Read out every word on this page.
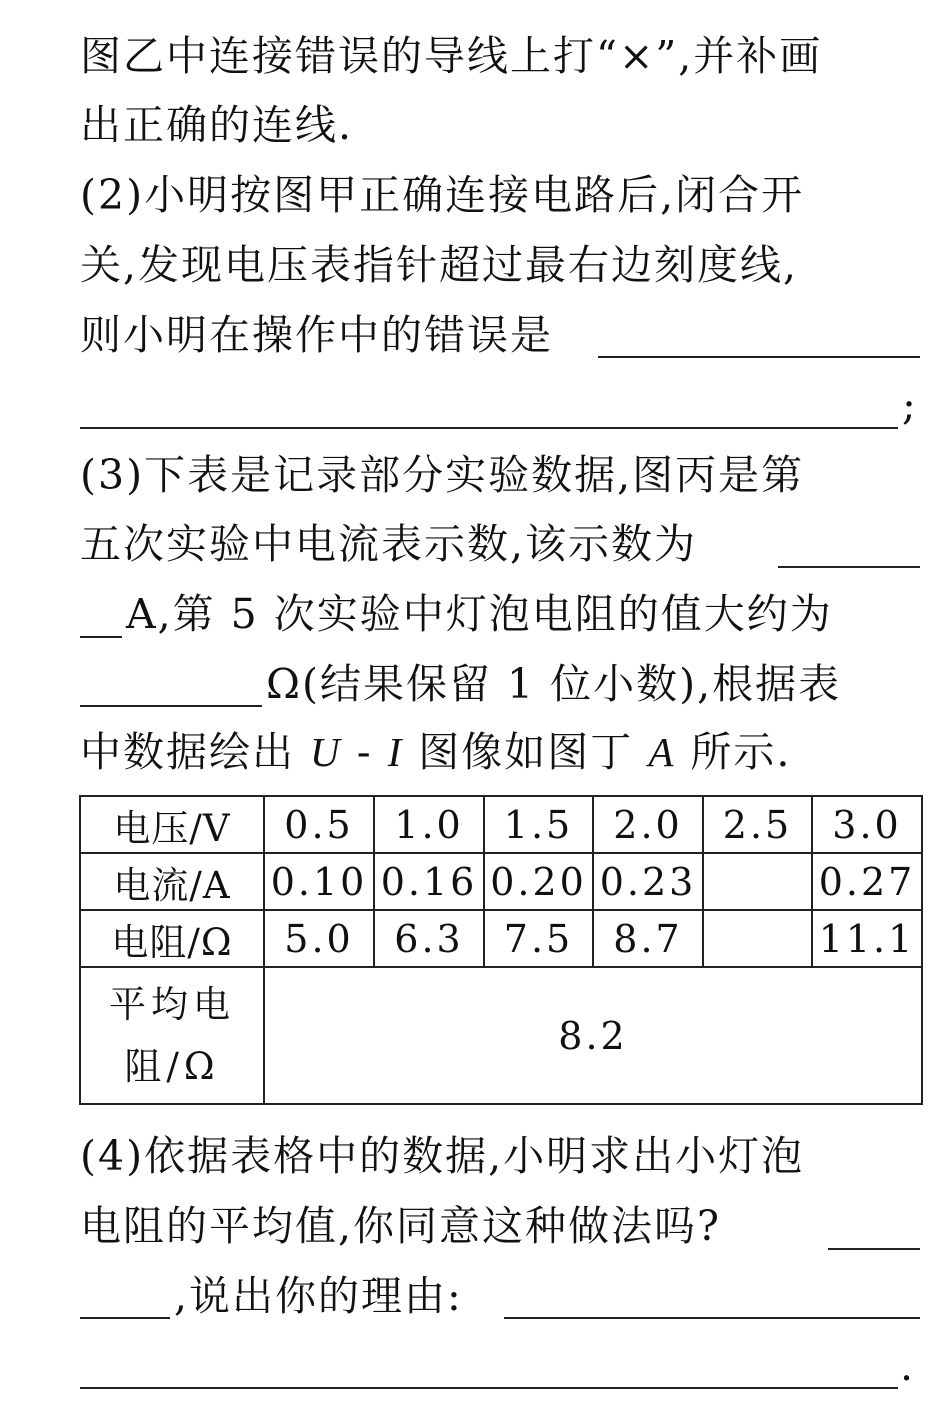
图乙中连接错误的导线上打“×”,并补画
出正确的连线.
(2)小明按图甲正确连接电路后,闭合开
关,发现电压表指针超过最右边刻度线,
则小明在操作中的错误是
;
(3)下表是记录部分实验数据,图丙是第
五次实验中电流表示数,该示数为
A,第 5 次实验中灯泡电阻的值大约为
Ω(结果保留 1 位小数),根据表
中数据绘出 U - I 图像如图丁 A 所示.
电压/V	0.5	1.0	1.5	2.0	2.5	3.0
电流/A	0.10	0.16	0.20	0.23		0.27
电阻/Ω	5.0	6.3	7.5	8.7		11.1
平均电
阻/Ω	8.2					
(4)依据表格中的数据,小明求出小灯泡
电阻的平均值,你同意这种做法吗?
,说出你的理由:
.
